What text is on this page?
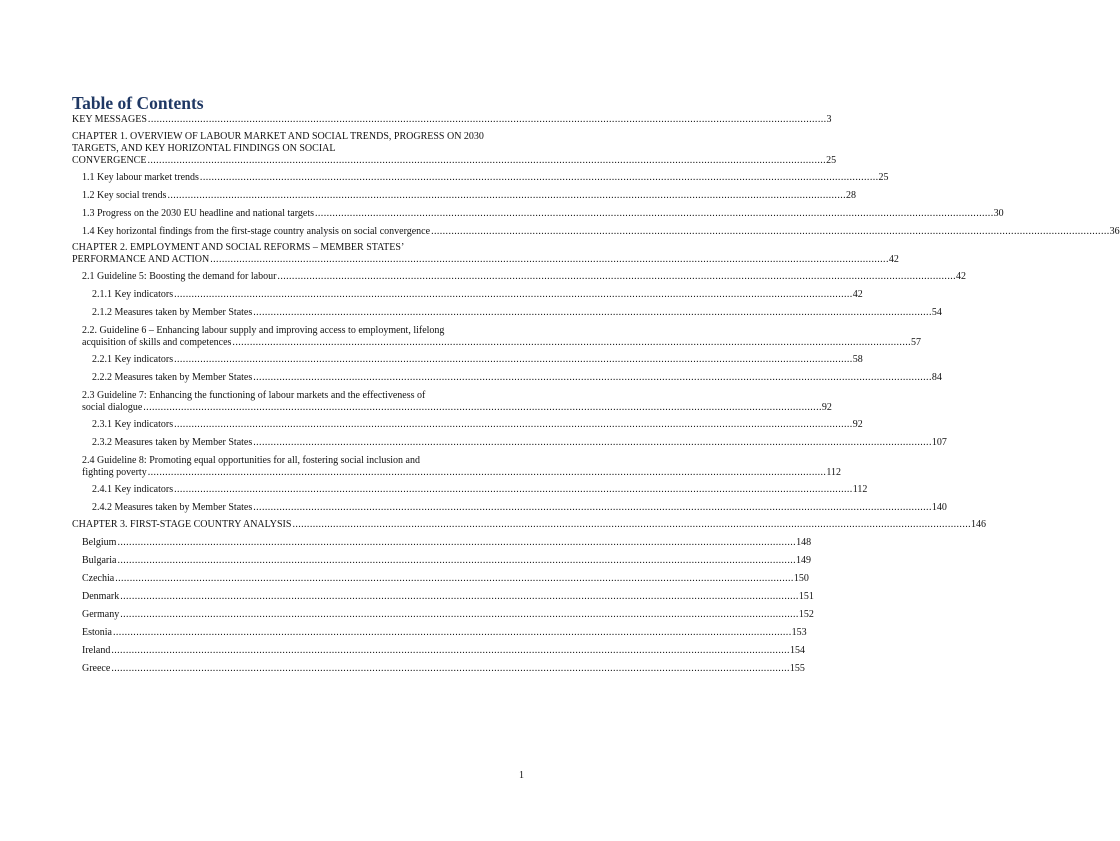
Table of Contents
KEY MESSAGES .....	3
CHAPTER 1. OVERVIEW OF LABOUR MARKET AND SOCIAL TRENDS, PROGRESS ON 2030 TARGETS, AND KEY HORIZONTAL FINDINGS ON SOCIAL
CONVERGENCE .....	25
1.1 Key labour market trends .....	25
1.2 Key social trends .....	28
1.3 Progress on the 2030 EU headline and national targets .....	30
1.4 Key horizontal findings from the first-stage country analysis on social convergence .....	36
CHAPTER 2. EMPLOYMENT AND SOCIAL REFORMS – MEMBER STATES’
PERFORMANCE AND ACTION .....	42
2.1 Guideline 5: Boosting the demand for labour .....	42
2.1.1 Key indicators .....	42
2.1.2 Measures taken by Member States .....	54
2.2. Guideline 6 – Enhancing labour supply and improving access to employment, lifelong
acquisition of skills and competences .....	57
2.2.1 Key indicators .....	58
2.2.2 Measures taken by Member States .....	84
2.3 Guideline 7: Enhancing the functioning of labour markets and the effectiveness of
social dialogue .....	92
2.3.1 Key indicators .....	92
2.3.2 Measures taken by Member States .....	107
2.4 Guideline 8: Promoting equal opportunities for all, fostering social inclusion and
fighting poverty .....	112
2.4.1 Key indicators .....	112
2.4.2 Measures taken by Member States .....	140
CHAPTER 3. FIRST-STAGE COUNTRY ANALYSIS .....	146
Belgium .....	148
Bulgaria .....	149
Czechia .....	150
Denmark .....	151
Germany .....	152
Estonia .....	153
Ireland .....	154
Greece .....	155
1
